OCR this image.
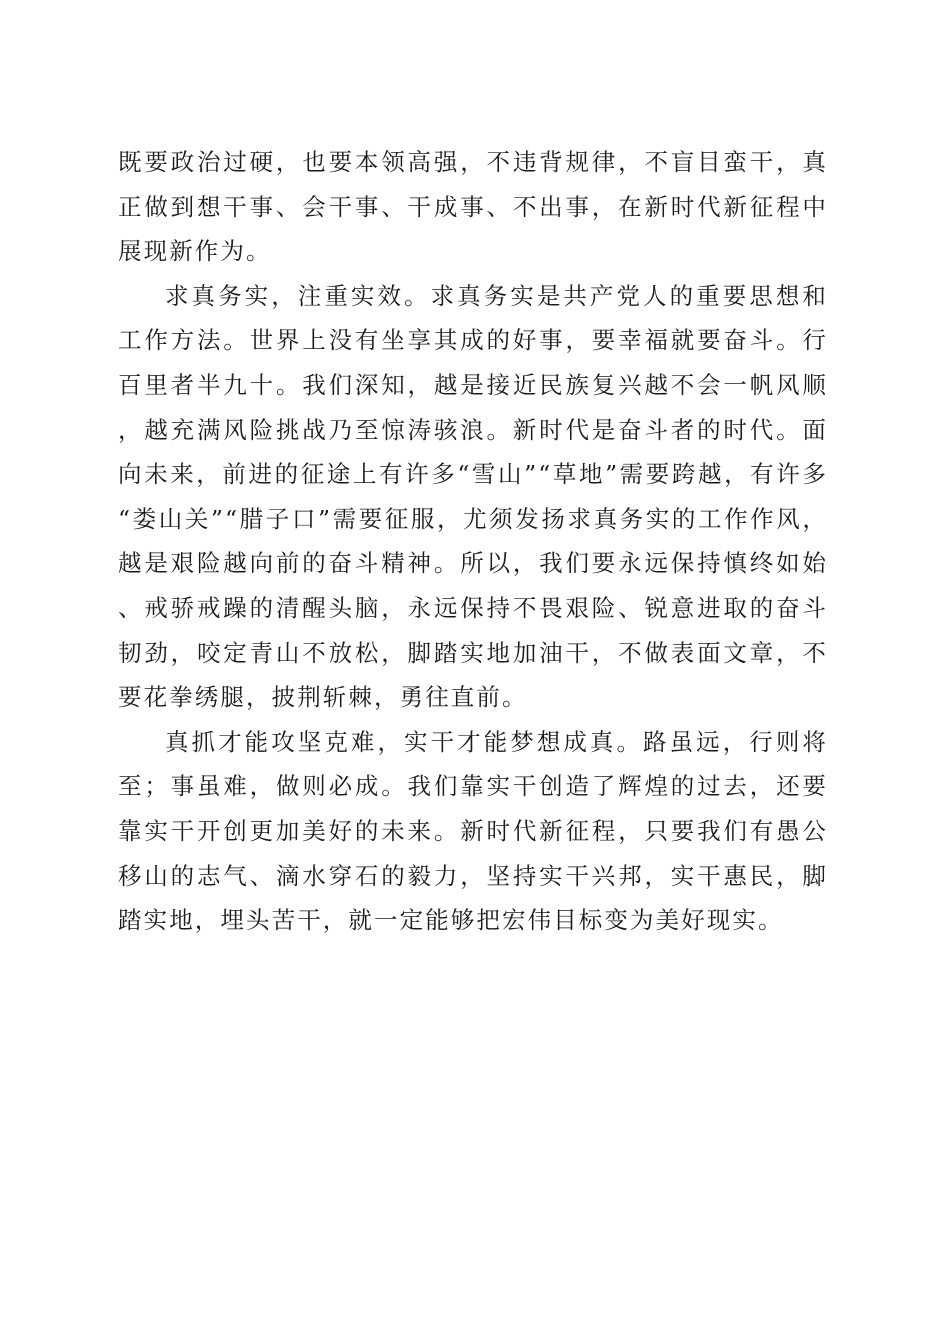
既要政治过硬，也要本领高强，不违背规律，不盲目蛮干，真正做到想干事、会干事、干成事、不出事，在新时代新征程中展现新作为。

求真务实，注重实效。求真务实是共产党人的重要思想和工作方法。世界上没有坐享其成的好事，要幸福就要奋斗。行百里者半九十。我们深知，越是接近民族复兴越不会一帆风顺，越充满风险挑战乃至惊涛骇浪。新时代是奋斗者的时代。面向未来，前进的征途上有许多“雪山”“草地”需要跨越，有许多“娄山关”“腊子口”需要征服，尤须发扬求真务实的工作作风，越是艰险越向前的奋斗精神。所以，我们要永远保持慎终如始、戒骄戒躁的清醒头脑，永远保持不畏艰险、锐意进取的奋斗韧劲，咬定青山不放松，脚踏实地加油干，不做表面文章，不要花拳绣腿，披荆斩棘，勇往直前。

真抓才能攻坚克难，实干才能梦想成真。路虽远，行则将至；事虽难，做则必成。我们靠实干创造了辉煌的过去，还要靠实干开创更加美好的未来。新时代新征程，只要我们有愚公移山的志气、滴水穿石的毅力，坚持实干兴邦，实干惠民，脚踏实地，埋头苦干，就一定能够把宏伟目标变为美好现实。
